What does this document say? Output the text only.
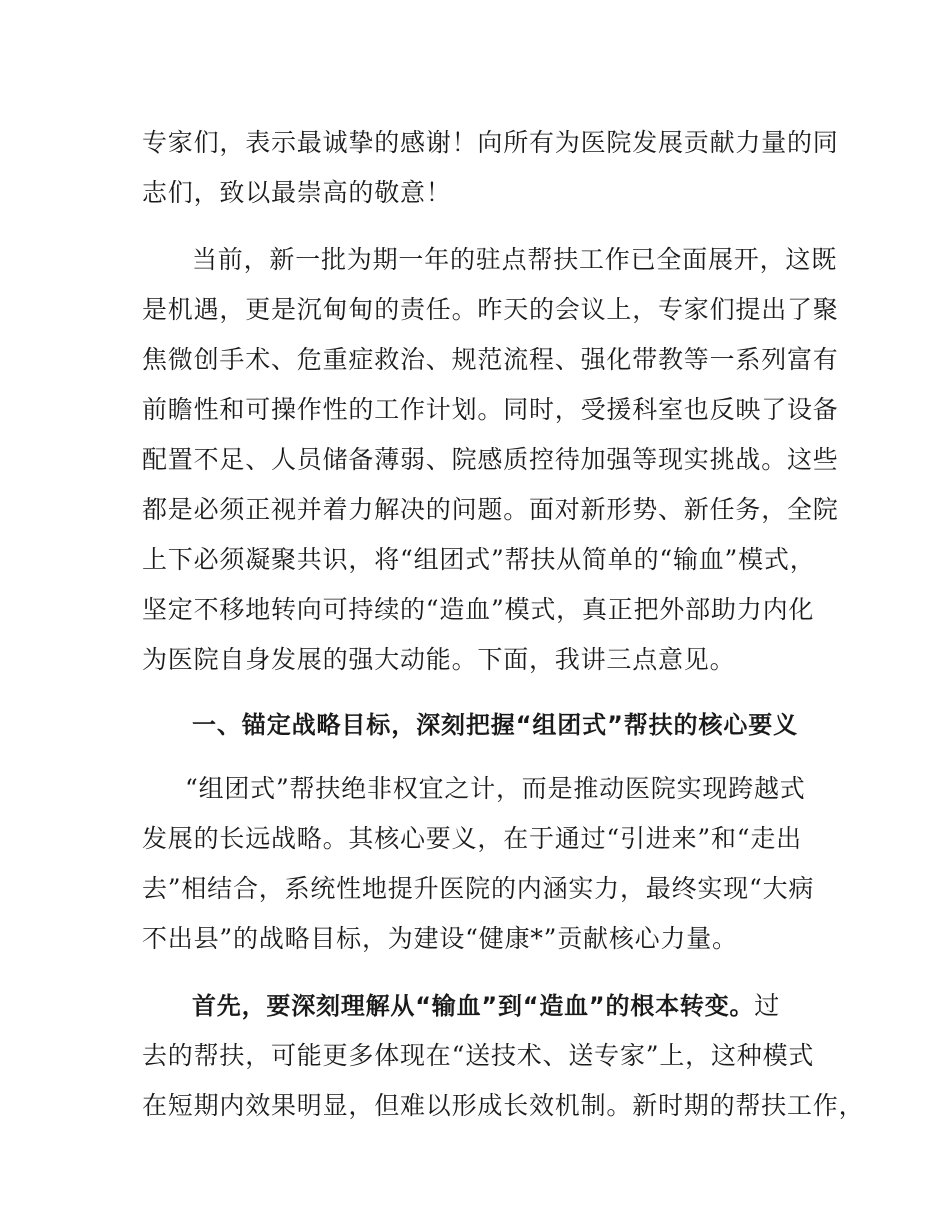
专家们，表示最诚挚的感谢！向所有为医院发展贡献力量的同
志们，致以最崇高的敬意！
当前，新一批为期一年的驻点帮扶工作已全面展开，这既
是机遇，更是沉甸甸的责任。昨天的会议上，专家们提出了聚
焦微创手术、危重症救治、规范流程、强化带教等一系列富有
前瞻性和可操作性的工作计划。同时，受援科室也反映了设备
配置不足、人员储备薄弱、院感质控待加强等现实挑战。这些
都是必须正视并着力解决的问题。面对新形势、新任务，全院
上下必须凝聚共识，将“组团式”帮扶从简单的“输血”模式，
坚定不移地转向可持续的“造血”模式，真正把外部助力内化
为医院自身发展的强大动能。下面，我讲三点意见。
一、锚定战略目标，深刻把握“组团式”帮扶的核心要义
“组团式”帮扶绝非权宜之计，而是推动医院实现跨越式
发展的长远战略。其核心要义，在于通过“引进来”和“走出
去”相结合，系统性地提升医院的内涵实力，最终实现“大病
不出县”的战略目标，为建设“健康*”贡献核心力量。
首先，要深刻理解从“输血”到“造血”的根本转变。过
去的帮扶，可能更多体现在“送技术、送专家”上，这种模式
在短期内效果明显，但难以形成长效机制。新时期的帮扶工作，
